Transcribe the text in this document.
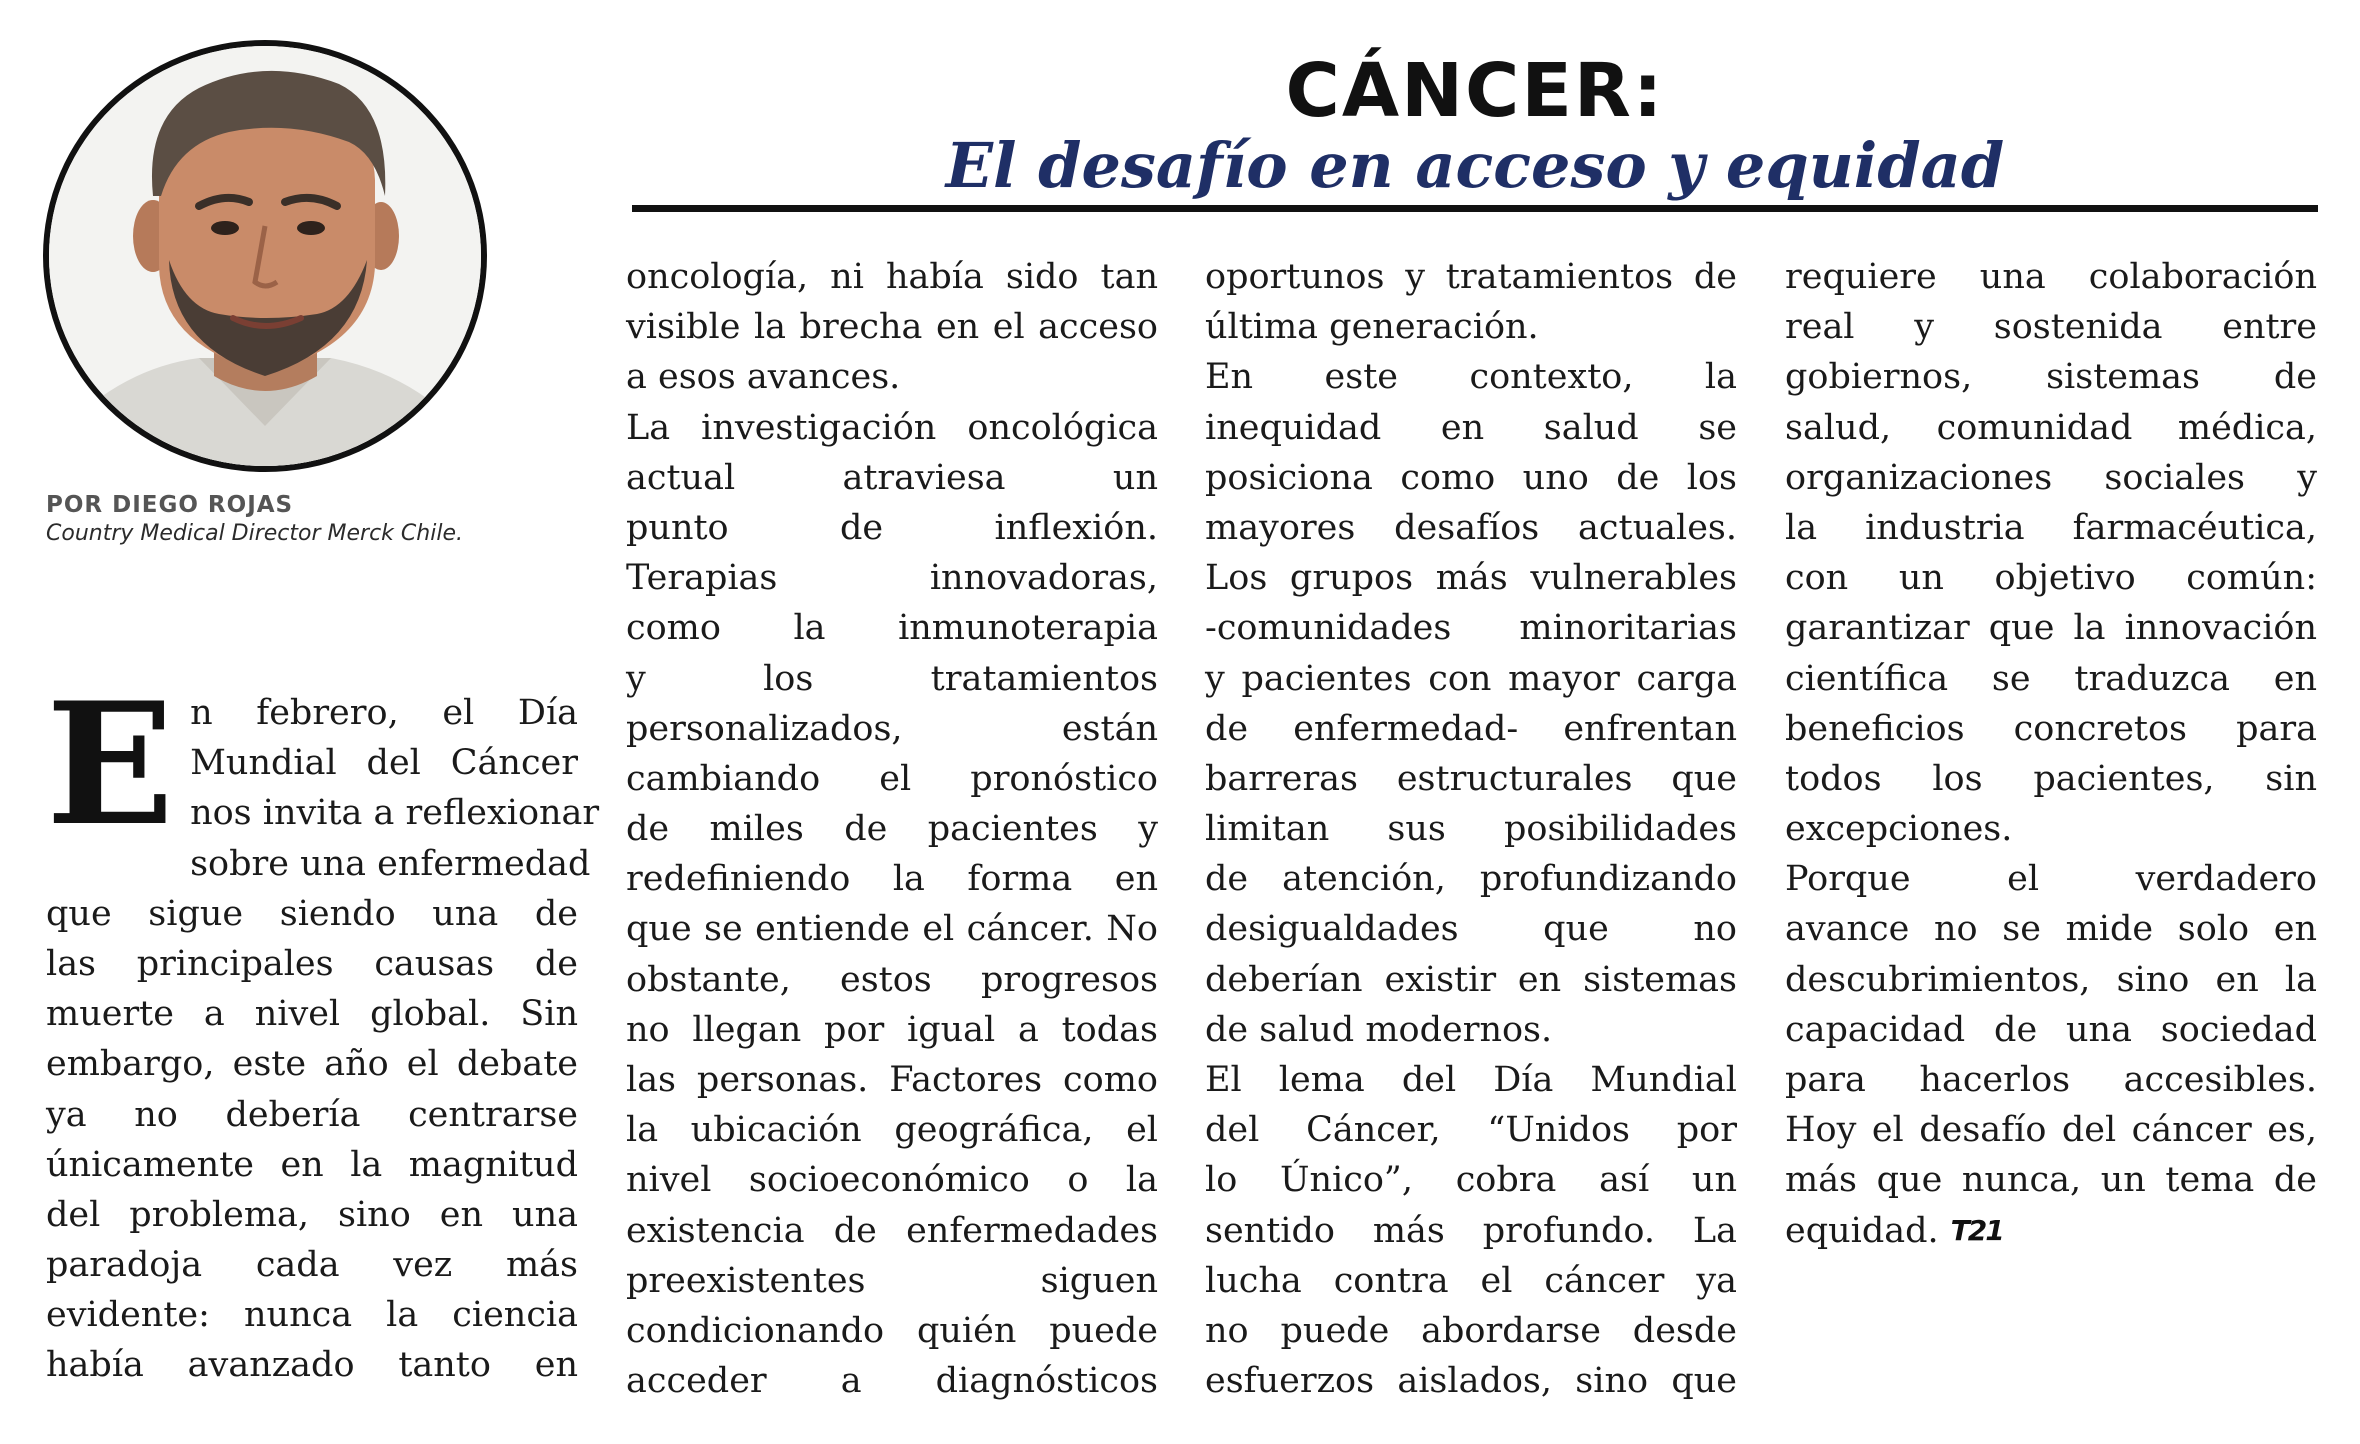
POR DIEGO ROJAS
Country Medical Director Merck Chile.
CÁNCER:
El desafío en acceso y equidad
E n febrero, el Día
Mundial del Cáncer
nos invita a reflexionar
sobre una enfermedad
que sigue siendo una de
las principales causas de
muerte a nivel global. Sin
embargo, este año el debate
ya no debería centrarse
únicamente en la magnitud
del problema, sino en una
paradoja cada vez más
evidente: nunca la ciencia
había avanzado tanto en
oncología, ni había sido tan
visible la brecha en el acceso
a esos avances.
La investigación oncológica
actual atraviesa un
punto de inflexión.
Terapias innovadoras,
como la inmunoterapia
y los tratamientos
personalizados, están
cambiando el pronóstico
de miles de pacientes y
redefiniendo la forma en
que se entiende el cáncer. No
obstante, estos progresos
no llegan por igual a todas
las personas. Factores como
la ubicación geográfica, el
nivel socioeconómico o la
existencia de enfermedades
preexistentes siguen
condicionando quién puede
acceder a diagnósticos
oportunos y tratamientos de
última generación.
En este contexto, la
inequidad en salud se
posiciona como uno de los
mayores desafíos actuales.
Los grupos más vulnerables
-comunidades minoritarias
y pacientes con mayor carga
de enfermedad- enfrentan
barreras estructurales que
limitan sus posibilidades
de atención, profundizando
desigualdades que no
deberían existir en sistemas
de salud modernos.
El lema del Día Mundial
del Cáncer, “Unidos por
lo Único”, cobra así un
sentido más profundo. La
lucha contra el cáncer ya
no puede abordarse desde
esfuerzos aislados, sino que
requiere una colaboración
real y sostenida entre
gobiernos, sistemas de
salud, comunidad médica,
organizaciones sociales y
la industria farmacéutica,
con un objetivo común:
garantizar que la innovación
científica se traduzca en
beneficios concretos para
todos los pacientes, sin
excepciones.
Porque el verdadero
avance no se mide solo en
descubrimientos, sino en la
capacidad de una sociedad
para hacerlos accesibles.
Hoy el desafío del cáncer es,
más que nunca, un tema de
equidad. T21
